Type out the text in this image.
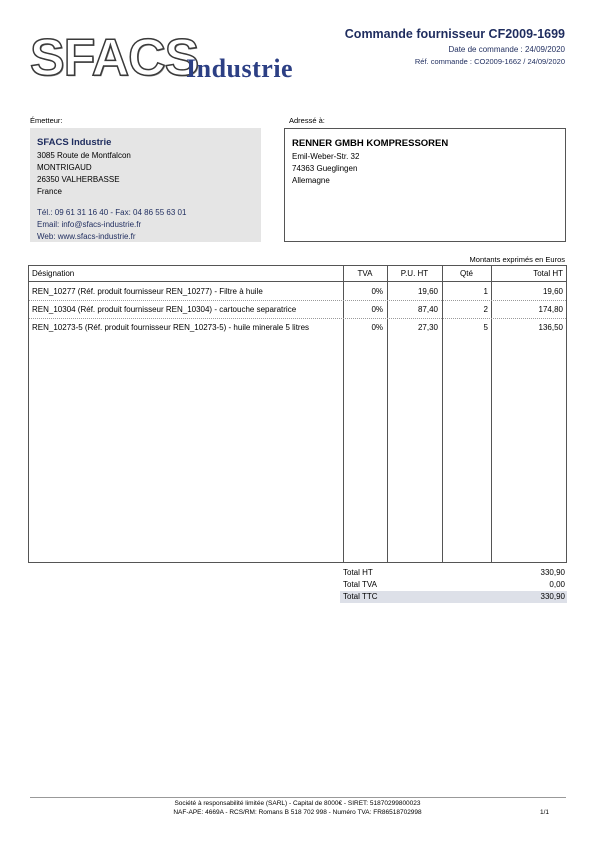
SFACS
Industrie
Commande fournisseur CF2009-1699
Date de commande : 24/09/2020
Réf. commande : CO2009-1662 / 24/09/2020
Émetteur:	Adressé à:
SFACS Industrie
3085 Route de Montfalcon
MONTRIGAUD
26350 VALHERBASSE
France
Tél.: 09 61 31 16 40 - Fax: 04 86 55 63 01
Email: info@sfacs-industrie.fr
Web: www.sfacs-industrie.fr
RENNER GMBH KOMPRESSOREN
Emil-Weber-Str. 32
74363 Gueglingen
Allemagne
Montants exprimés en Euros
Désignation	TVA	P.U. HT	Qté	Total HT
REN_10277 (Réf. produit fournisseur REN_10277) - Filtre à huile	0%	19,60	1	19,60
REN_10304 (Réf. produit fournisseur REN_10304) - cartouche separatrice	0%	87,40	2	174,80
REN_10273-5 (Réf. produit fournisseur REN_10273-5) - huile minerale 5 litres	0%	27,30	5	136,50
Total HT	330,90
Total TVA	0,00
Total TTC	330,90
Société à responsabilité limitée (SARL) - Capital de 8000€ - SIRET: 51870299800023
NAF-APE: 4669A - RCS/RM: Romans B 518 702 998 - Numéro TVA: FR86518702998	1/1
